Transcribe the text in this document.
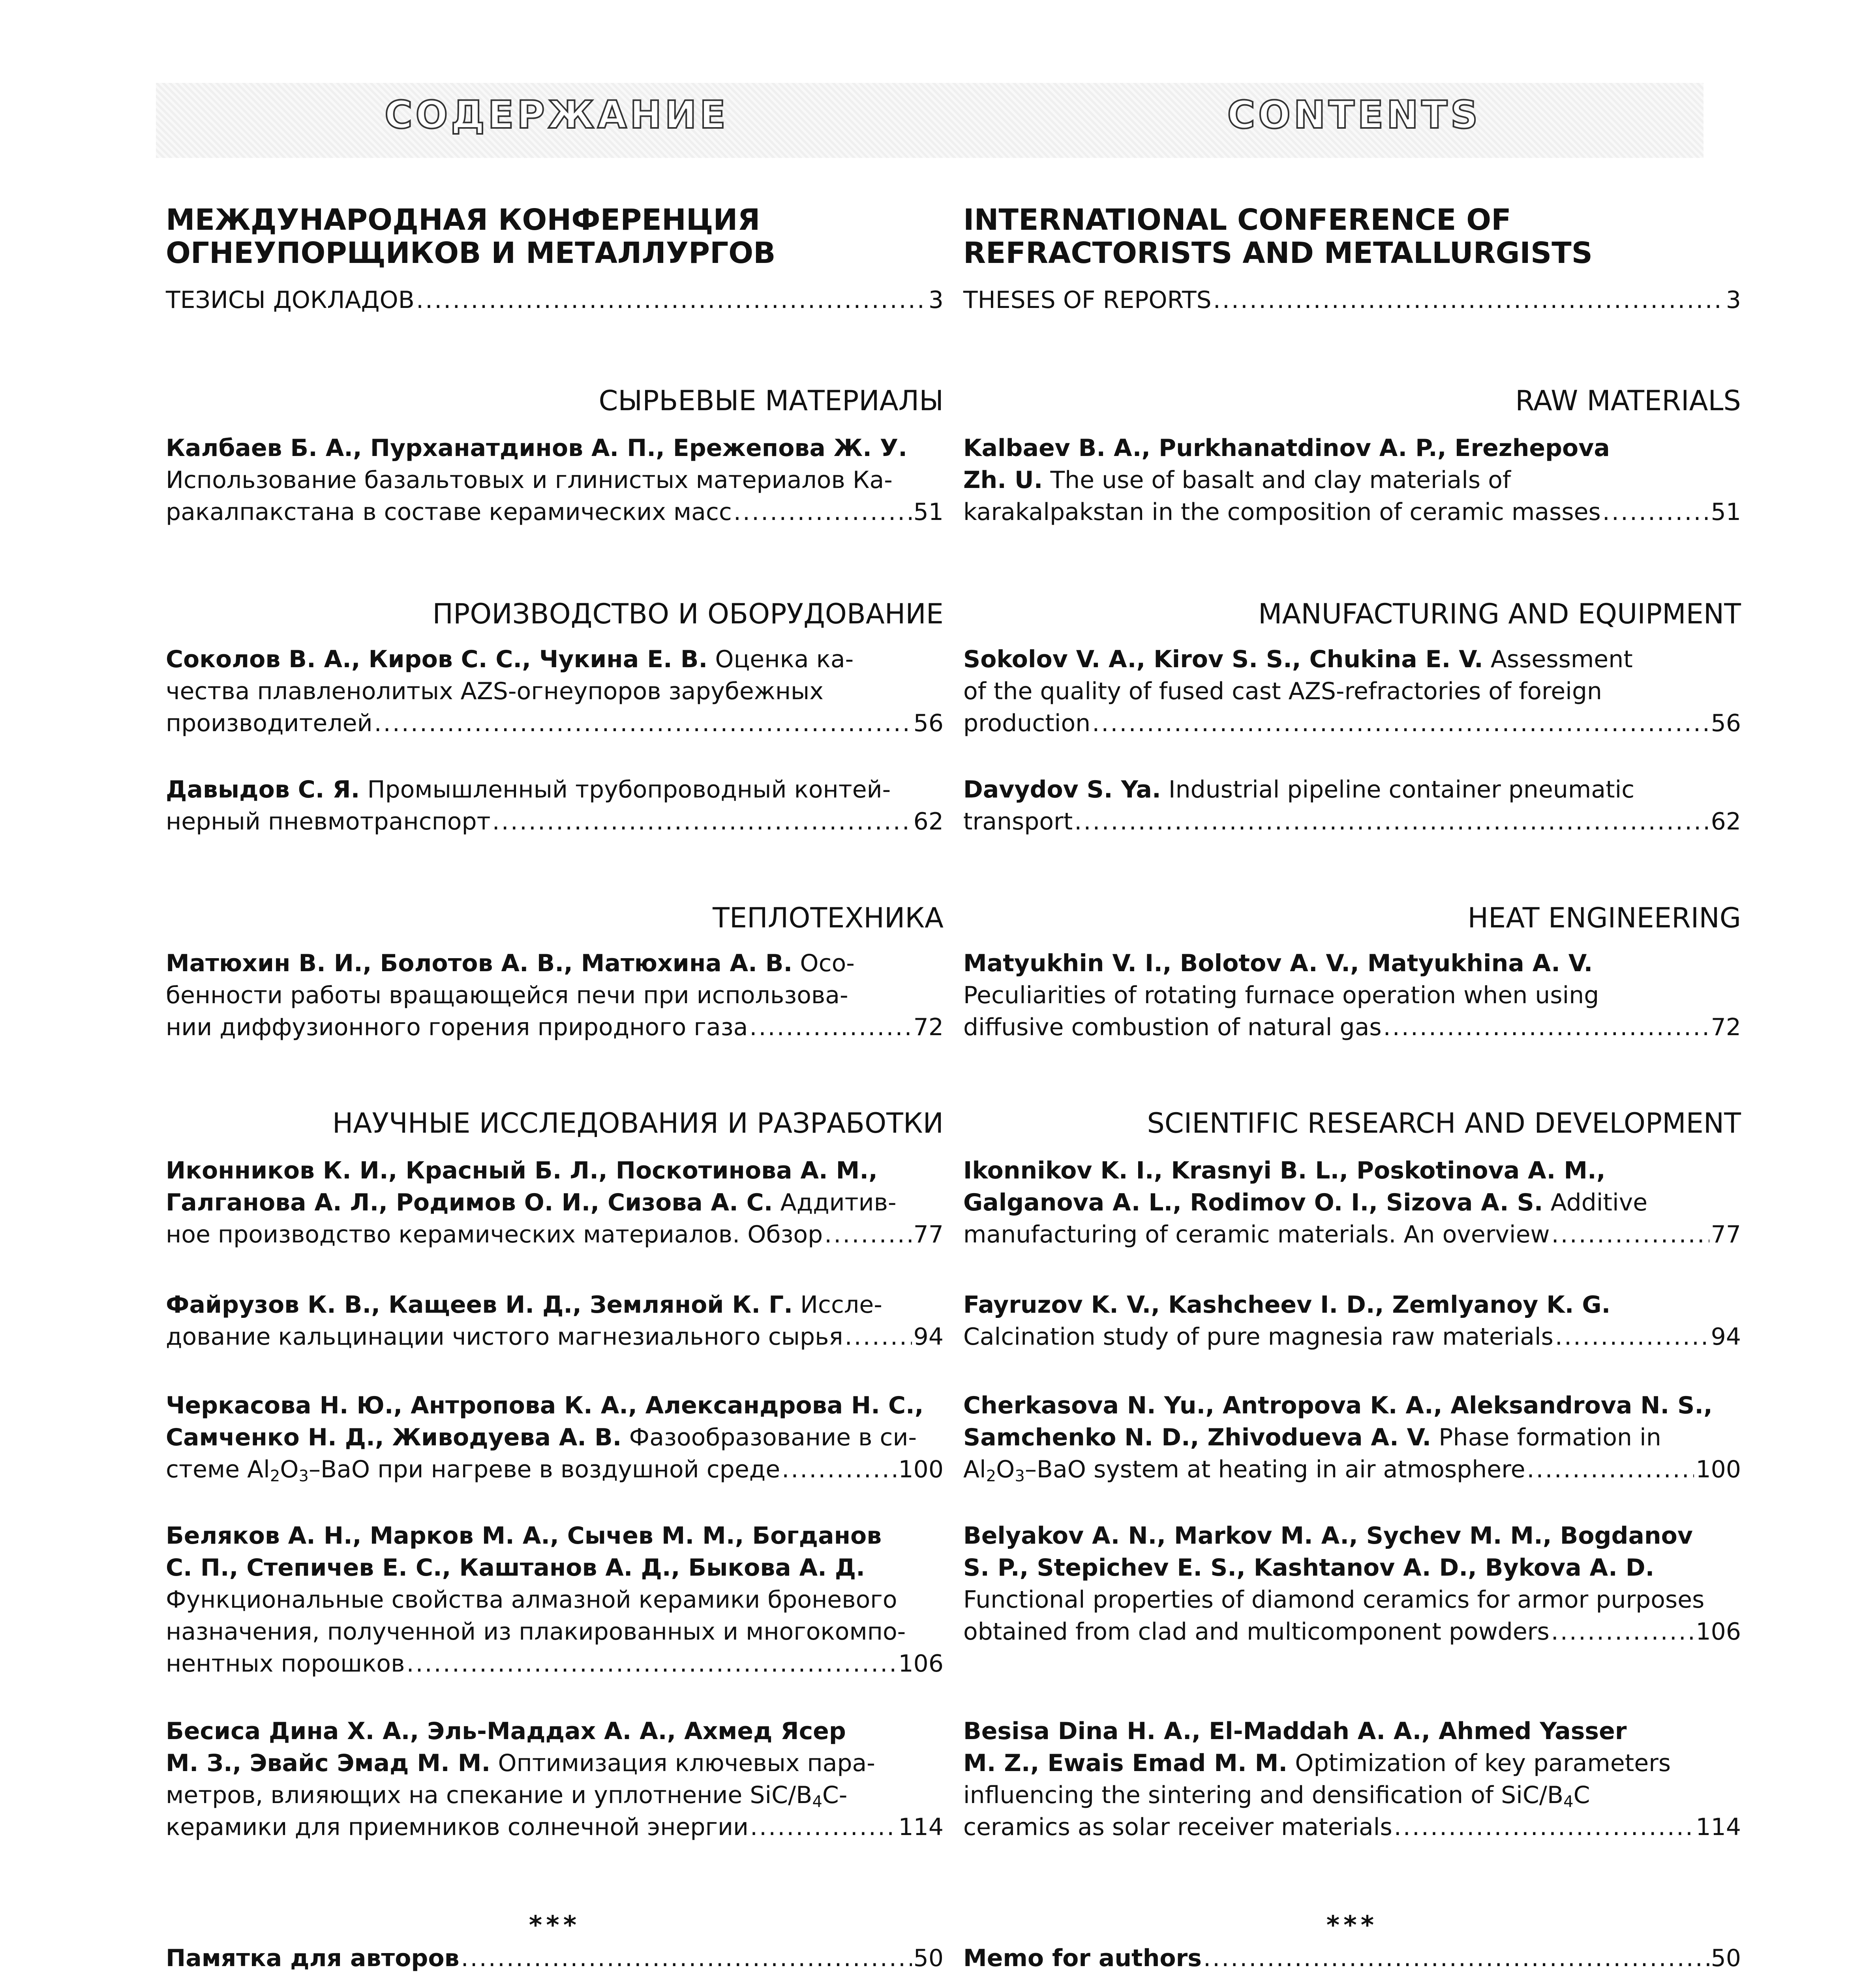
СОДЕРЖАНИЕ	CONTENTS
МЕЖДУНАРОДНАЯ КОНФЕРЕНЦИЯ
ОГНЕУПОРЩИКОВ И МЕТАЛЛУРГОВ
ТЕЗИСЫ ДОКЛАДОВ .....	3
СЫРЬЕВЫЕ МАТЕРИАЛЫ
Калбаев Б. А., Пурханатдинов А. П., Ережепова Ж. У.
Использование базальтовых и глинистых материалов Ка-
ракалпакстана в составе керамических масс .....	51
ПРОИЗВОДСТВО И ОБОРУДОВАНИЕ
Соколов В. А., Киров С. С., Чукина Е. В. Оценка ка-
чества плавленолитых AZS-огнеупоров зарубежных
производителей .....	56
Давыдов С. Я. Промышленный трубопроводный контей-
нерный пневмотранспорт .....	62
ТЕПЛОТЕХНИКА
Матюхин В. И., Болотов А. В., Матюхина А. В. Осо-
бенности работы вращающейся печи при использова-
нии диффузионного горения природного газа .....	72
НАУЧНЫЕ ИССЛЕДОВАНИЯ И РАЗРАБОТКИ
Иконников К. И., Красный Б. Л., Поскотинова А. М.,
Галганова А. Л., Родимов О. И., Сизова А. С. Аддитив-
ное производство керамических материалов. Обзор .....	77
Файрузов К. В., Кащеев И. Д., Земляной К. Г. Иссле-
дование кальцинации чистого магнезиального сырья .....	94
Черкасова Н. Ю., Антропова К. А., Александрова Н. С.,
Самченко Н. Д., Живодуева А. В. Фазообразование в си-
стеме $Al_2O_3$–BaO при нагреве в воздушной среде .....	100
Беляков А. Н., Марков М. А., Сычев М. М., Богданов
С. П., Степичев Е. С., Каштанов А. Д., Быкова А. Д.
Функциональные свойства алмазной керамики броневого
назначения, полученной из плакированных и многокомпо-
нентных порошков .....	106
Бесиса Дина Х. А., Эль-Маддах А. А., Ахмед Ясер
М. З., Эвайс Эмад М. М. Оптимизация ключевых пара-
метров, влияющих на спекание и уплотнение SiC/$B_4C-$
керамики для приемников солнечной энергии .....	114
***
Памятка для авторов .....	50
INTERNATIONAL CONFERENCE OF
REFRACTORISTS AND METALLURGISTS
THESES OF REPORTS .....	3
RAW MATERIALS
Kalbaev B. A., Purkhanatdinov A. P., Erezhepova
Zh. U. The use of basalt and clay materials of
karakalpakstan in the composition of ceramic masses .....	51
MANUFACTURING AND EQUIPMENT
Sokolov V. A., Kirov S. S., Chukina E. V. Assessment
of the quality of fused cast AZS-refractories of foreign
production .....	56
Davydov S. Ya. Industrial pipeline container pneumatic
transport .....	62
HEAT ENGINEERING
Matyukhin V. I., Bolotov A. V., Matyukhina A. V.
Peculiarities of rotating furnace operation when using
diffusive combustion of natural gas .....	72
SCIENTIFIC RESEARCH AND DEVELOPMENT
Ikonnikov K. I., Krasnyi B. L., Poskotinova A. M.,
Galganova A. L., Rodimov O. I., Sizova A. S. Additive
manufacturing of ceramic materials. An overview .....	77
Fayruzov K. V., Kashcheev I. D., Zemlyanoy K. G.
Calcination study of pure magnesia raw materials .....	94
Cherkasova N. Yu., Antropova K. A., Aleksandrova N. S.,
Samchenko N. D., Zhivodueva A. V. Phase formation in
$Al_2O_3$–BaO system at heating in air atmosphere .....	100
Belyakov A. N., Markov M. A., Sychev M. M., Bogdanov
S. P., Stepichev E. S., Kashtanov A. D., Bykova A. D.
Functional properties of diamond ceramics for armor purposes
obtained from clad and multicomponent powders .....	106
Besisa Dina H. A., El-Maddah A. A., Ahmed Yasser
M. Z., Ewais Emad M. M. Optimization of key parameters
influencing the sintering and densification of SiC/$B_4C$
ceramics as solar receiver materials .....	114
***
Memo for authors .....	50
